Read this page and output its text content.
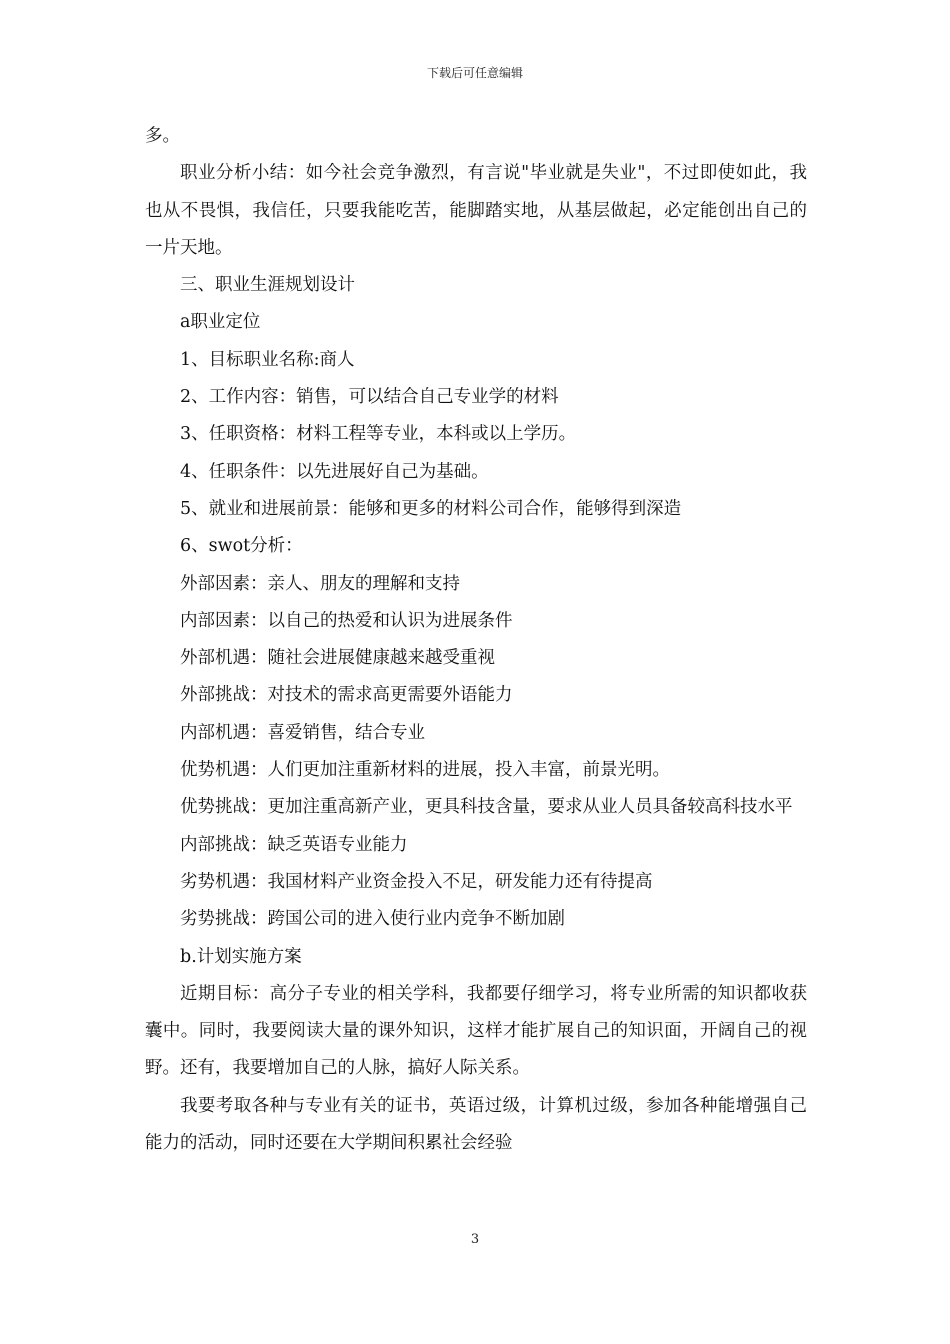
下载后可任意编辑

多。

职业分析小结：如今社会竞争激烈，有言说"毕业就是失业"，不过即使如此，我也从不畏惧，我信任，只要我能吃苦，能脚踏实地，从基层做起，必定能创出自己的一片天地。

三、职业生涯规划设计

a职业定位

1、目标职业名称:商人

2、工作内容：销售，可以结合自己专业学的材料

3、任职资格：材料工程等专业，本科或以上学历。

4、任职条件：以先进展好自己为基础。

5、就业和进展前景：能够和更多的材料公司合作，能够得到深造

6、swot分析：

外部因素：亲人、朋友的理解和支持

内部因素：以自己的热爱和认识为进展条件

外部机遇：随社会进展健康越来越受重视

外部挑战：对技术的需求高更需要外语能力

内部机遇：喜爱销售，结合专业

优势机遇：人们更加注重新材料的进展，投入丰富，前景光明。

优势挑战：更加注重高新产业，更具科技含量，要求从业人员具备较高科技水平

内部挑战：缺乏英语专业能力

劣势机遇：我国材料产业资金投入不足，研发能力还有待提高

劣势挑战：跨国公司的进入使行业内竞争不断加剧

b.计划实施方案

近期目标：高分子专业的相关学科，我都要仔细学习，将专业所需的知识都收获囊中。同时，我要阅读大量的课外知识，这样才能扩展自己的知识面，开阔自己的视野。还有，我要增加自己的人脉，搞好人际关系。

我要考取各种与专业有关的证书，英语过级，计算机过级，参加各种能增强自己能力的活动，同时还要在大学期间积累社会经验

3
